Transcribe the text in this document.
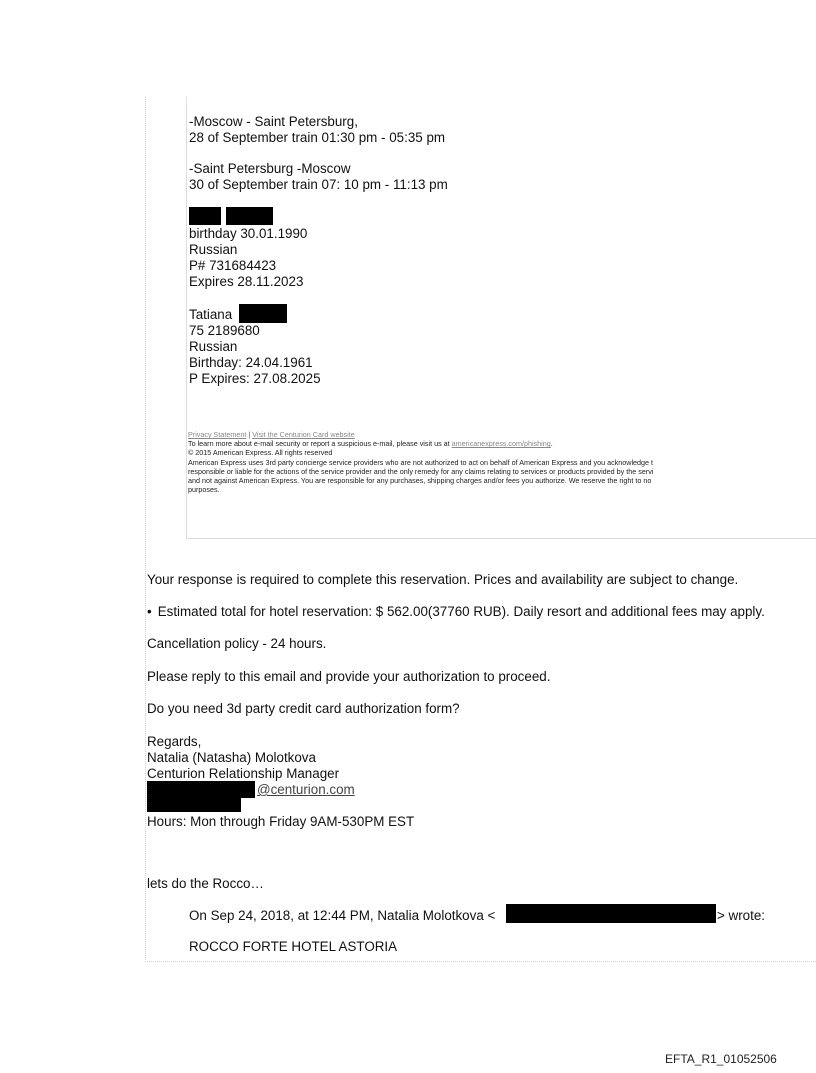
-Moscow - Saint Petersburg,
28 of September train 01:30 pm - 05:35 pm
-Saint Petersburg -Moscow
30 of September train 07: 10 pm - 11:13 pm
birthday 30.01.1990
Russian
P# 731684423
Expires 28.11.2023
Tatiana
75 2189680
Russian
Birthday: 24.04.1961
P Expires: 27.08.2025
Privacy Statement | Visit the Centurion Card website
To learn more about e-mail security or report a suspicious e-mail, please visit us at americanexpress.com/phishing.
© 2015 American Express. All rights reserved
American Express uses 3rd party concierge service providers who are not authorized to act on behalf of American Express and you acknowledge t
responsible or liable for the actions of the service provider and the only remedy for any claims relating to services or products provided by the servi
and not against American Express. You are responsible for any purchases, shipping charges and/or fees you authorize. We reserve the right to no
purposes.
Your response is required to complete this reservation. Prices and availability are subject to change.
• Estimated total for hotel reservation: $ 562.00(37760 RUB). Daily resort and additional fees may apply.
Cancellation policy - 24 hours.
Please reply to this email and provide your authorization to proceed.
Do you need 3d party credit card authorization form?
Regards,
Natalia (Natasha) Molotkova
Centurion Relationship Manager
@centurion.com
Hours: Mon through Friday 9AM-530PM EST
lets do the Rocco…
On Sep 24, 2018, at 12:44 PM, Natalia Molotkova <	> wrote:
ROCCO FORTE HOTEL ASTORIA
EFTA_R1_01052506
